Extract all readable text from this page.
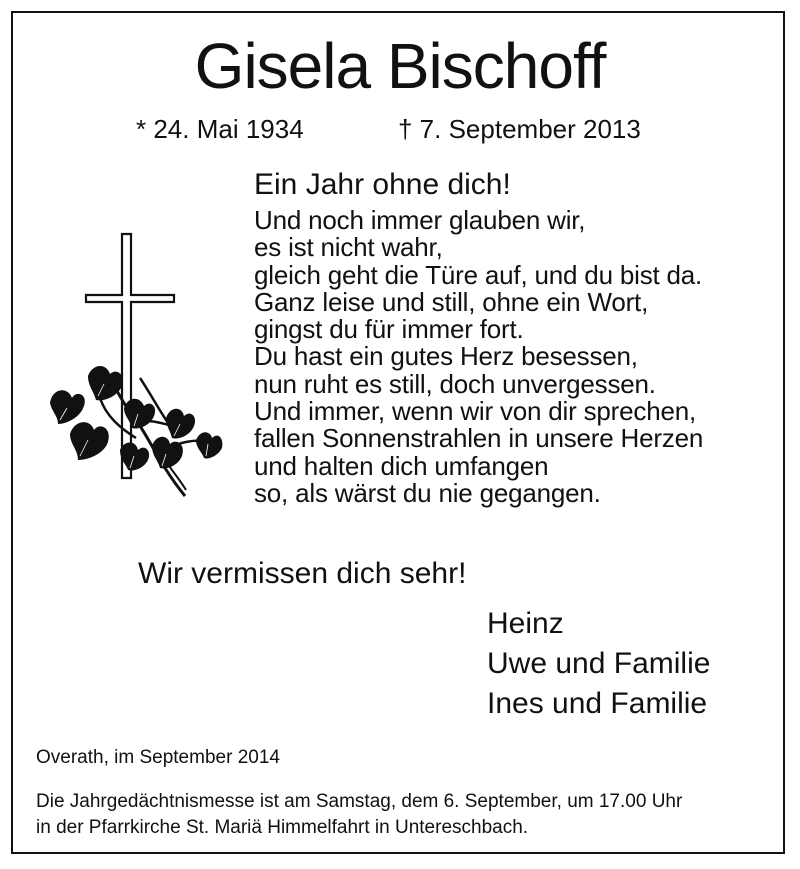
Gisela Bischoff
* 24. Mai 1934	† 7. September 2013
Ein Jahr ohne dich!
Und noch immer glauben wir,
es ist nicht wahr,
gleich geht die Türe auf, und du bist da.
Ganz leise und still, ohne ein Wort,
gingst du für immer fort.
Du hast ein gutes Herz besessen,
nun ruht es still, doch unvergessen.
Und immer, wenn wir von dir sprechen,
fallen Sonnenstrahlen in unsere Herzen
und halten dich umfangen
so, als wärst du nie gegangen.
Wir vermissen dich sehr!
Heinz
Uwe und Familie
Ines und Familie
Overath, im September 2014
Die Jahrgedächtnismesse ist am Samstag, dem 6. September, um 17.00 Uhr
in der Pfarrkirche St. Mariä Himmelfahrt in Untereschbach.
